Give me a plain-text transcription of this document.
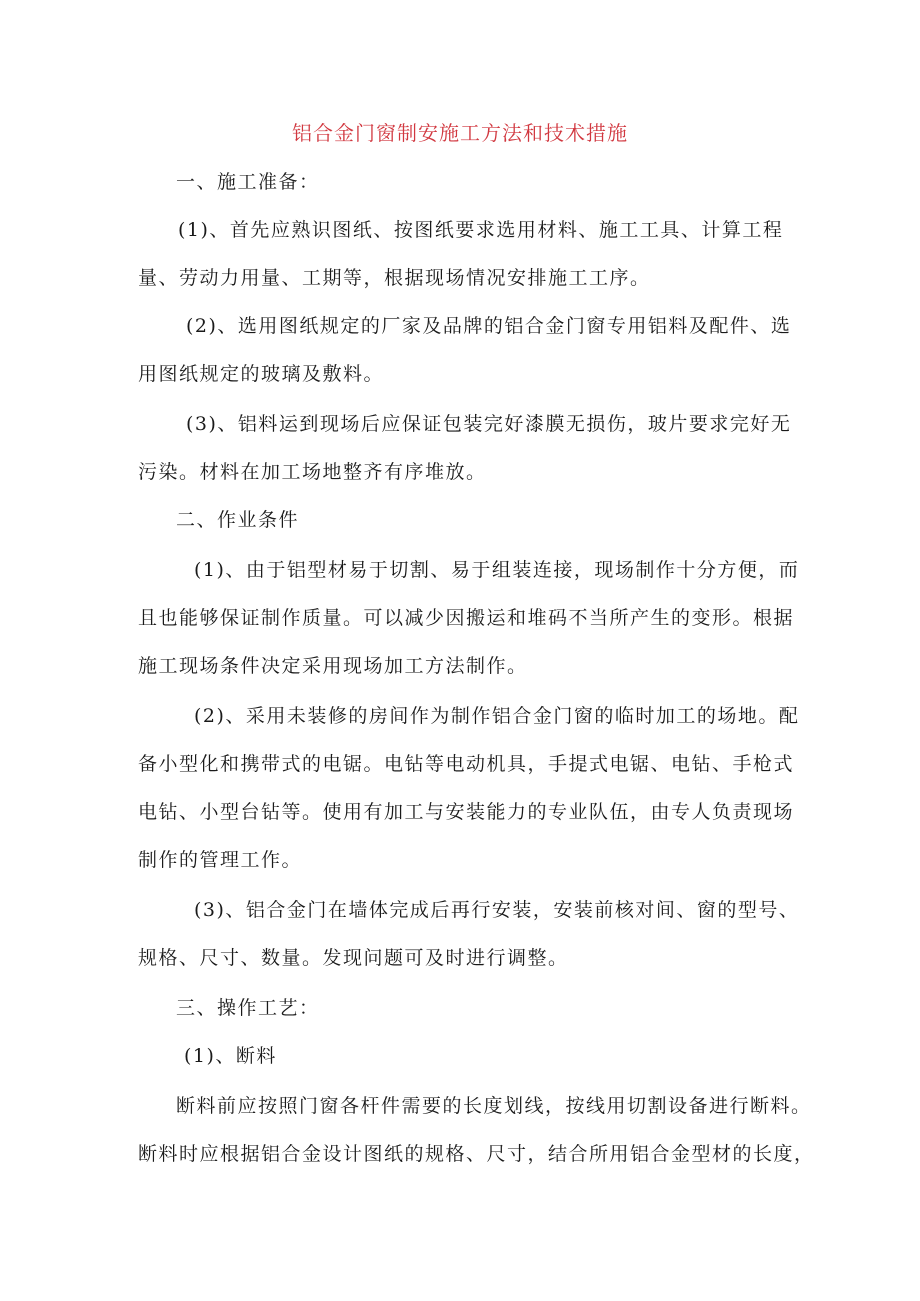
铝合金门窗制安施工方法和技术措施
一、施工准备：
(1)、首先应熟识图纸、按图纸要求选用材料、施工工具、计算工程
量、劳动力用量、工期等，根据现场情况安排施工工序。
(2)、选用图纸规定的厂家及品牌的铝合金门窗专用铝料及配件、选
用图纸规定的玻璃及敷料。
(3)、铝料运到现场后应保证包装完好漆膜无损伤，玻片要求完好无
污染。材料在加工场地整齐有序堆放。
二、作业条件
(1)、由于铝型材易于切割、易于组装连接，现场制作十分方便，而
且也能够保证制作质量。可以减少因搬运和堆码不当所产生的变形。根据
施工现场条件决定采用现场加工方法制作。
(2)、采用未装修的房间作为制作铝合金门窗的临时加工的场地。配
备小型化和携带式的电锯。电钻等电动机具，手提式电锯、电钻、手枪式
电钻、小型台钻等。使用有加工与安装能力的专业队伍，由专人负责现场
制作的管理工作。
(3)、铝合金门在墙体完成后再行安装，安装前核对间、窗的型号、
规格、尺寸、数量。发现问题可及时进行调整。
三、操作工艺：
(1)、断料
断料前应按照门窗各杆件需要的长度划线，按线用切割设备进行断料。
断料时应根据铝合金设计图纸的规格、尺寸，结合所用铝合金型材的长度，
